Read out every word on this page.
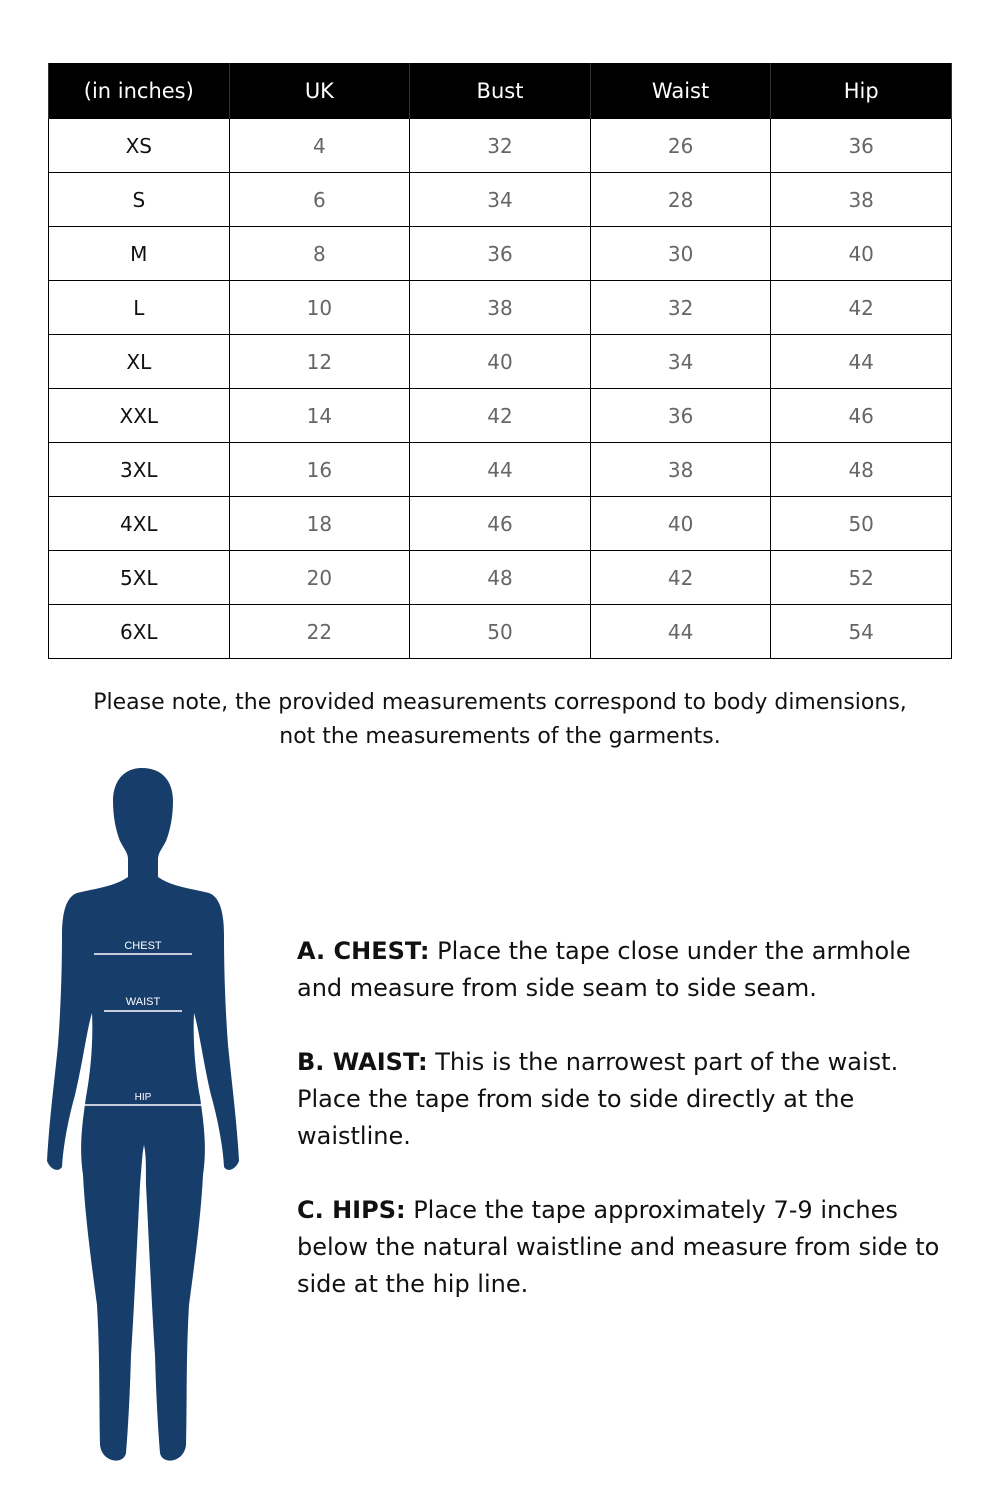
(in inches)	UK	Bust	Waist	Hip
XS	4	32	26	36
S	6	34	28	38
M	8	36	30	40
L	10	38	32	42
XL	12	40	34	44
XXL	14	42	36	46
3XL	16	44	38	48
4XL	18	46	40	50
5XL	20	48	42	52
6XL	22	50	44	54
Please note, the provided measurements correspond to body dimensions, not the measurements of the garments.
CHEST
WAIST
HIP

A. CHEST: Place the tape close under the armhole and measure from side seam to side seam.

B. WAIST: This is the narrowest part of the waist. Place the tape from side to side directly at the waistline.

C. HIPS: Place the tape approximately 7-9 inches below the natural waistline and measure from side to side at the hip line.
